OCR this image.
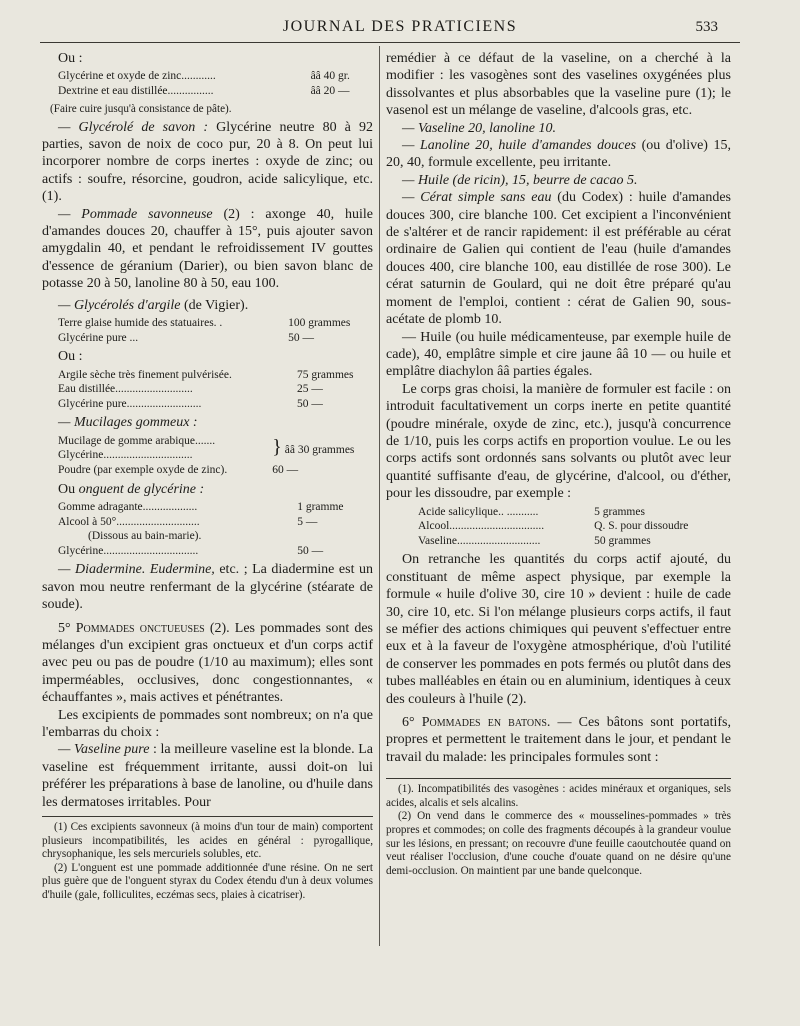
JOURNAL DES PRATICIENS	533

Ou :

Glycérine et oxyde de zinc............	ââ 40 gr.
Dextrine et eau distillée................	ââ 20 —

(Faire cuire jusqu'à consistance de pâte).

— Glycérolé de savon : Glycérine neutre 80 à 92 parties, savon de noix de coco pur, 20 à 8. On peut lui incorporer nombre de corps inertes : oxyde de zinc; ou actifs : soufre, résorcine, goudron, acide salicylique, etc. (1).

— Pommade savonneuse (2) : axonge 40, huile d'amandes douces 20, chauffer à 15°, puis ajouter savon amygdalin 40, et pendant le refroidissement IV gouttes d'essence de géranium (Darier), ou bien savon blanc de potasse 20 à 50, lanoline 80 à 50, eau 100.

— Glycérolés d'argile (de Vigier).

Terre glaise humide des statuaires. .	100 grammes
Glycérine pure ...	50 —

Ou :

Argile sèche très finement pulvérisée.	75 grammes
Eau distillée...........................	25 —
Glycérine pure..........................	50 —

— Mucilages gommeux :

Mucilage de gomme arabique.......	} ââ 30 grammes
Glycérine...............................	
Poudre (par exemple oxyde de zinc).	60 —

Ou onguent de glycérine :

Gomme adragante...................	1 gramme
Alcool à 50°.............................	5 —
(Dissous au bain-marie).	
Glycérine.................................	50 —

— Diadermine. Eudermine, etc. ; La diadermine est un savon mou neutre renfermant de la glycérine (stéarate de soude).

5° Pommades onctueuses (2). Les pommades sont des mélanges d'un excipient gras onctueux et d'un corps actif avec peu ou pas de poudre (1/10 au maximum); elles sont imperméables, occlusives, donc congestionnantes, « échauffantes », mais actives et pénétrantes.

Les excipients de pommades sont nombreux; on n'a que l'embarras du choix :

— Vaseline pure : la meilleure vaseline est la blonde. La vaseline est fréquemment irritante, aussi doit-on lui préférer les préparations à base de lanoline, ou d'huile dans les dermatoses irritables. Pour

(1) Ces excipients savonneux (à moins d'un tour de main) comportent plusieurs incompatibilités, les acides en général : pyrogallique, chrysophanique, les sels mercuriels solubles, etc.

(2) L'onguent est une pommade additionnée d'une résine. On ne sert plus guère que de l'onguent styrax du Codex étendu d'un à deux volumes d'huile (gale, folliculites, eczémas secs, plaies à cicatriser).

remédier à ce défaut de la vaseline, on a cherché à la modifier : les vasogènes sont des vaselines oxygénées plus dissolvantes et plus absorbables que la vaseline pure (1); le vasenol est un mélange de vaseline, d'alcools gras, etc.

— Vaseline 20, lanoline 10.

— Lanoline 20, huile d'amandes douces (ou d'olive) 15, 20, 40, formule excellente, peu irritante.

— Huile (de ricin), 15, beurre de cacao 5.

— Cérat simple sans eau (du Codex) : huile d'amandes douces 300, cire blanche 100. Cet excipient a l'inconvénient de s'altérer et de rancir rapidement: il est préférable au cérat ordinaire de Galien qui contient de l'eau (huile d'amandes douces 400, cire blanche 100, eau distillée de rose 300). Le cérat saturnin de Goulard, qui ne doit être préparé qu'au moment de l'emploi, contient : cérat de Galien 90, sous-acétate de plomb 10.

— Huile (ou huile médicamenteuse, par exemple huile de cade), 40, emplâtre simple et cire jaune ââ 10 — ou huile et emplâtre diachylon ââ parties égales.

Le corps gras choisi, la manière de formuler est facile : on introduit facultativement un corps inerte en petite quantité (poudre minérale, oxyde de zinc, etc.), jusqu'à concurrence de 1/10, puis les corps actifs en proportion voulue. Le ou les corps actifs sont ordonnés sans solvants ou plutôt avec leur quantité suffisante d'eau, de glycérine, d'alcool, ou d'éther, pour les dissoudre, par exemple :

Acide salicylique.. ...........	5 grammes
Alcool.................................	Q. S. pour dissoudre
Vaseline.............................	50 grammes

On retranche les quantités du corps actif ajouté, du constituant de même aspect physique, par exemple la formule « huile d'olive 30, cire 10 » devient : huile de cade 30, cire 10, etc. Si l'on mélange plusieurs corps actifs, il faut se méfier des actions chimiques qui peuvent s'effectuer entre eux et à la faveur de l'oxygène atmosphérique, d'où l'utilité de conserver les pommades en pots fermés ou plutôt dans des tubes malléables en étain ou en aluminium, identiques à ceux des couleurs à l'huile (2).

6° Pommades en batons. — Ces bâtons sont portatifs, propres et permettent le traitement dans le jour, et pendant le travail du malade: les principales formules sont :

(1). Incompatibilités des vasogènes : acides minéraux et organiques, sels acides, alcalis et sels alcalins.

(2) On vend dans le commerce des « mousselines-pommades » très propres et commodes; on colle des fragments découpés à la grandeur voulue sur les lésions, en pressant; on recouvre d'une feuille caoutchoutée quand on veut réaliser l'occlusion, d'une couche d'ouate quand on ne désire qu'une demi-occlusion. On maintient par une bande quelconque.
